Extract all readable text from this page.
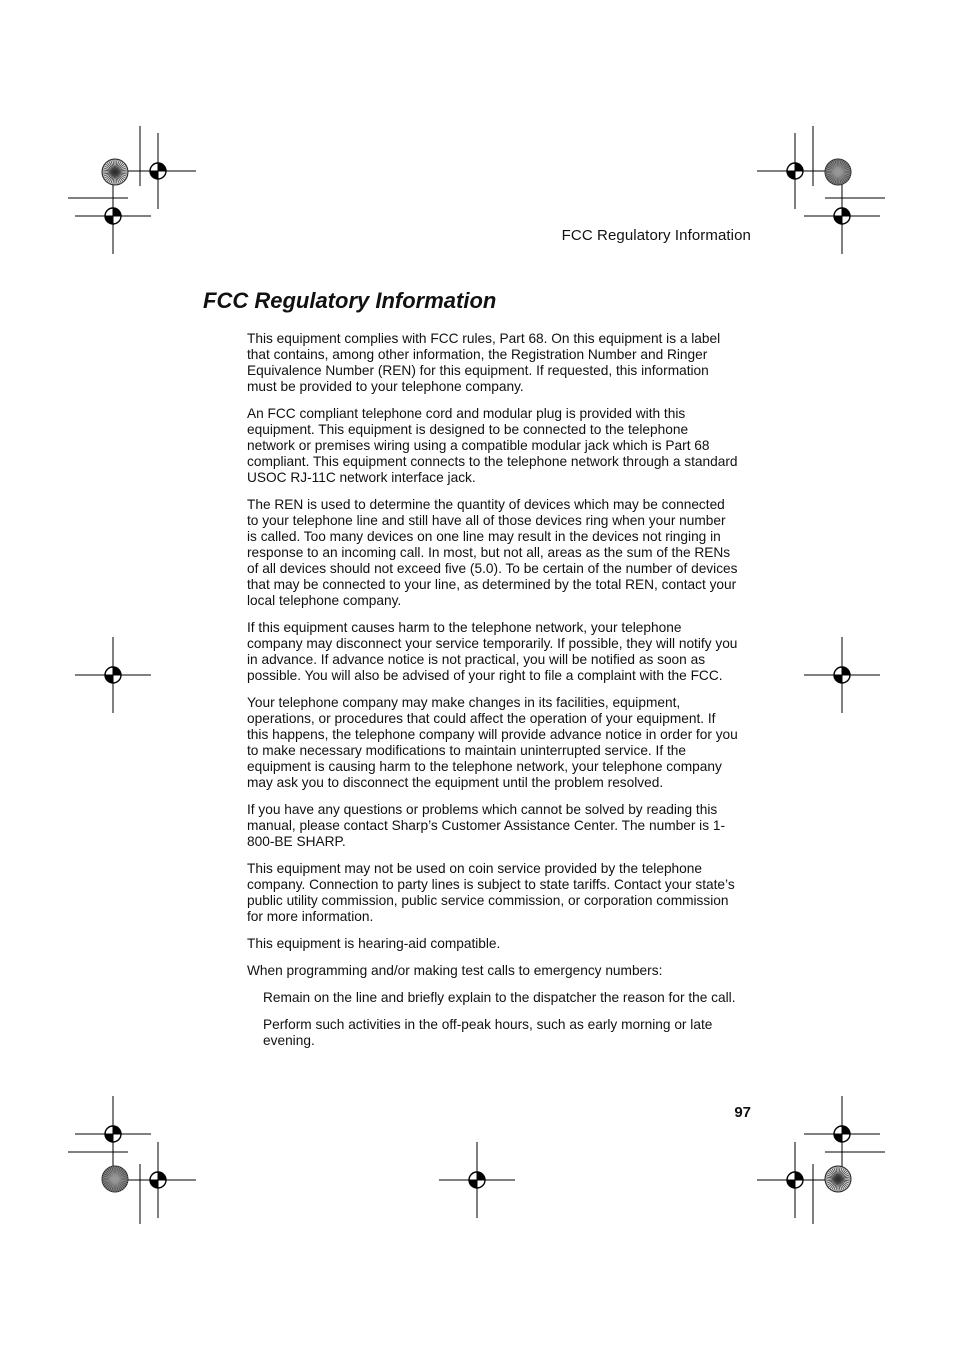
FCC Regulatory Information
FCC Regulatory Information

This equipment complies with FCC rules, Part 68. On this equipment is a label that contains, among other information, the Registration Number and Ringer Equivalence Number (REN) for this equipment. If requested, this information must be provided to your telephone company.

An FCC compliant telephone cord and modular plug is provided with this equipment. This equipment is designed to be connected to the telephone network or premises wiring using a compatible modular jack which is Part 68 compliant. This equipment connects to the telephone network through a standard USOC RJ-11C network interface jack.

The REN is used to determine the quantity of devices which may be connected to your telephone line and still have all of those devices ring when your number is called. Too many devices on one line may result in the devices not ringing in response to an incoming call. In most, but not all, areas as the sum of the RENs of all devices should not exceed five (5.0). To be certain of the number of devices that may be connected to your line, as determined by the total REN, contact your local telephone company.

If this equipment causes harm to the telephone network, your telephone company may disconnect your service temporarily. If possible, they will notify you in advance. If advance notice is not practical, you will be notified as soon as possible. You will also be advised of your right to file a complaint with the FCC.

Your telephone company may make changes in its facilities, equipment, operations, or procedures that could affect the operation of your equipment. If this happens, the telephone company will provide advance notice in order for you to make necessary modifications to maintain uninterrupted service. If the equipment is causing harm to the telephone network, your telephone company may ask you to disconnect the equipment until the problem resolved.

If you have any questions or problems which cannot be solved by reading this manual, please contact Sharp’s Customer Assistance Center. The number is 1-800-BE SHARP.

This equipment may not be used on coin service provided by the telephone company. Connection to party lines is subject to state tariffs. Contact your state’s public utility commission, public service commission, or corporation commission for more information.

This equipment is hearing-aid compatible.

When programming and/or making test calls to emergency numbers:

Remain on the line and briefly explain to the dispatcher the reason for the call.

Perform such activities in the off-peak hours, such as early morning or late evening.

97
